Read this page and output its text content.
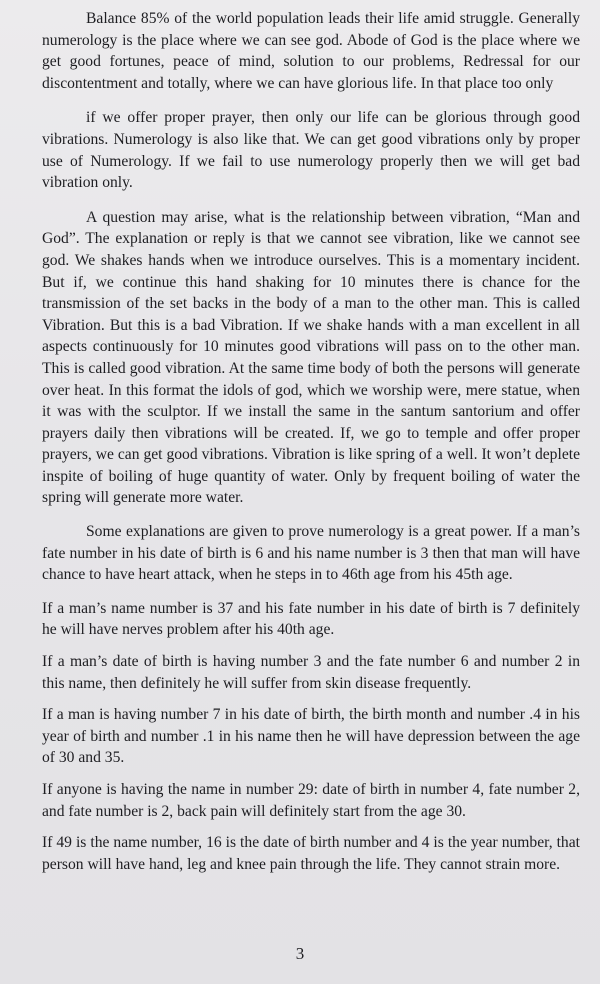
Balance 85% of the world population leads their life amid struggle. Generally numerology is the place where we can see god. Abode of God is the place where we get good fortunes, peace of mind, solution to our problems, Redressal for our discontentment and totally, where we can have glorious life. In that place too only

if we offer proper prayer, then only our life can be glorious through good vibrations. Numerology is also like that. We can get good vibrations only by proper use of Numerology. If we fail to use numerology properly then we will get bad vibration only.

A question may arise, what is the relationship between vibration, “Man and God”. The explanation or reply is that we cannot see vibration, like we cannot see god. We shakes hands when we introduce ourselves. This is a momentary incident. But if, we continue this hand shaking for 10 minutes there is chance for the transmission of the set backs in the body of a man to the other man. This is called Vibration. But this is a bad Vibration. If we shake hands with a man excellent in all aspects continuously for 10 minutes good vibrations will pass on to the other man. This is called good vibration. At the same time body of both the persons will generate over heat. In this format the idols of god, which we worship were, mere statue, when it was with the sculptor. If we install the same in the santum santorium and offer prayers daily then vibrations will be created. If, we go to temple and offer proper prayers, we can get good vibrations. Vibration is like spring of a well. It won’t deplete inspite of boiling of huge quantity of water. Only by frequent boiling of water the spring will generate more water.

Some explanations are given to prove numerology is a great power. If a man’s fate number in his date of birth is 6 and his name number is 3 then that man will have chance to have heart attack, when he steps in to 46th age from his 45th age.

If a man’s name number is 37 and his fate number in his date of birth is 7 definitely he will have nerves problem after his 40th age.

If a man’s date of birth is having number 3 and the fate number 6 and number 2 in this name, then definitely he will suffer from skin disease frequently.

If a man is having number 7 in his date of birth, the birth month and number .4 in his year of birth and number .1 in his name then he will have depression between the age of 30 and 35.

If anyone is having the name in number 29: date of birth in number 4, fate number 2, and fate number is 2, back pain will definitely start from the age 30.

If 49 is the name number, 16 is the date of birth number and 4 is the year number, that person will have hand, leg and knee pain through the life. They cannot strain more.

3
